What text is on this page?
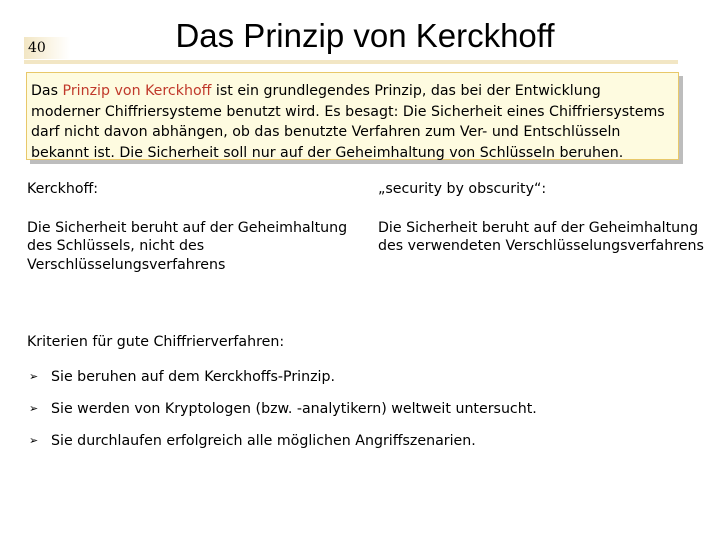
40	Das Prinzip von Kerckhoff
Das Prinzip von Kerckhoff ist ein grundlegendes Prinzip, das bei der Entwicklung moderner Chiffriersysteme benutzt wird. Es besagt: Die Sicherheit eines Chiffriersystems darf nicht davon abhängen, ob das benutzte Verfahren zum Ver- und Entschlüsseln bekannt ist. Die Sicherheit soll nur auf der Geheimhaltung von Schlüsseln beruhen.

Kerckhoff:

Die Sicherheit beruht auf der Geheimhaltung des Schlüssels, nicht des Verschlüsselungsverfahrens

„security by obscurity“:

Die Sicherheit beruht auf der Geheimhaltung des verwendeten Verschlüsselungsverfahrens

Kriterien für gute Chiffrierverfahren:

➢ Sie beruhen auf dem Kerckhoffs-Prinzip.
➢ Sie werden von Kryptologen (bzw. -analytikern) weltweit untersucht.
➢ Sie durchlaufen erfolgreich alle möglichen Angriffszenarien.
